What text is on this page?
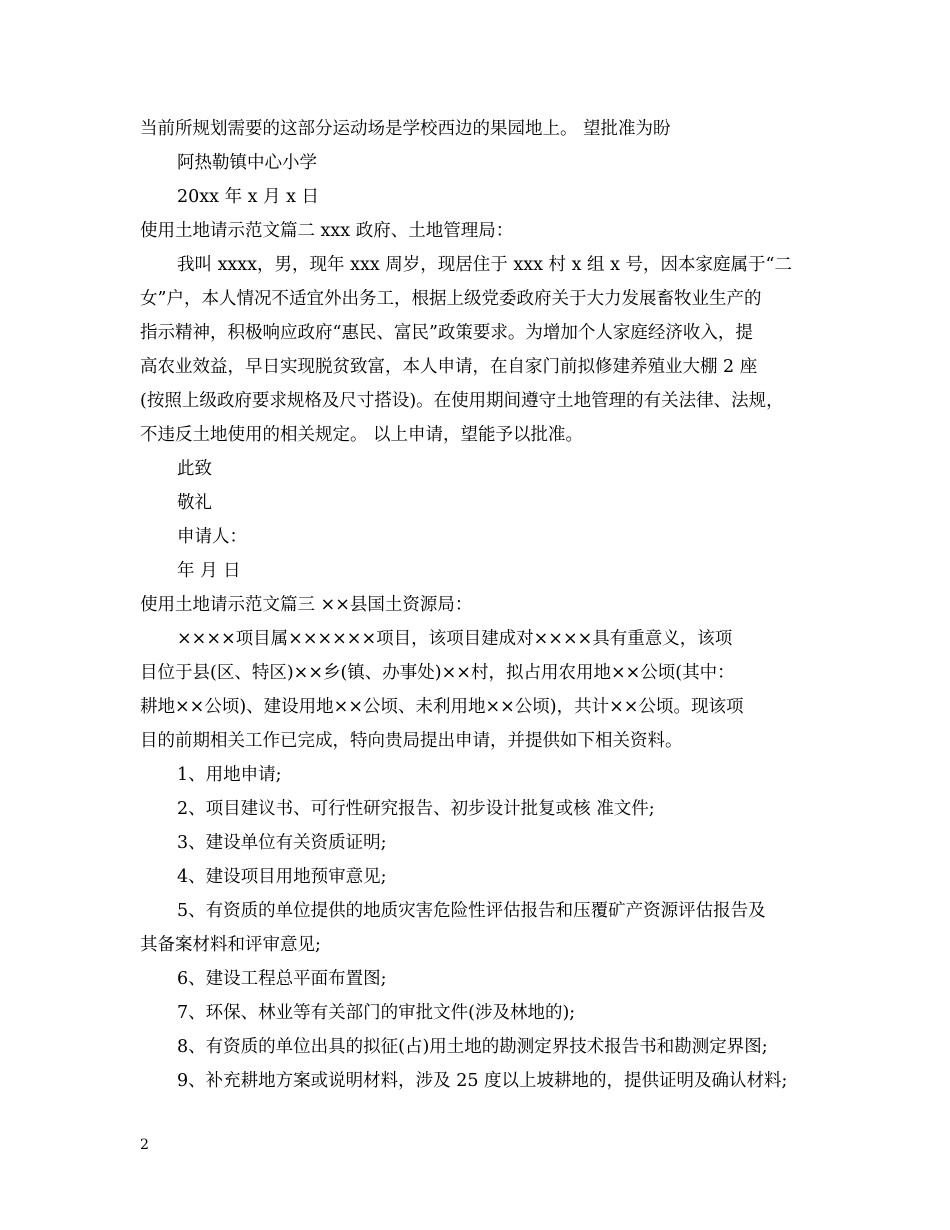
当前所规划需要的这部分运动场是学校西边的果园地上。 望批准为盼
阿热勒镇中心小学
20xx 年 x 月 x 日
使用土地请示范文篇二 xxx 政府、土地管理局：
我叫 xxxx，男，现年 xxx 周岁，现居住于 xxx 村 x 组 x 号，因本家庭属于“二
女”户，本人情况不适宜外出务工，根据上级党委政府关于大力发展畜牧业生产的
指示精神，积极响应政府“惠民、富民”政策要求。为增加个人家庭经济收入，提
高农业效益，早日实现脱贫致富，本人申请，在自家门前拟修建养殖业大棚 2 座
(按照上级政府要求规格及尺寸搭设)。在使用期间遵守土地管理的有关法律、法规，
不违反土地使用的相关规定。 以上申请，望能予以批准。
此致
敬礼
申请人：
年 月 日
使用土地请示范文篇三 ××县国土资源局：
××××项目属××××××项目，该项目建成对××××具有重意义，该项
目位于县(区、特区)××乡(镇、办事处)××村，拟占用农用地××公顷(其中：
耕地××公顷)、建设用地××公顷、未利用地××公顷)，共计××公顷。现该项
目的前期相关工作已完成，特向贵局提出申请，并提供如下相关资料。
1、用地申请;
2、项目建议书、可行性研究报告、初步设计批复或核 准文件;
3、建设单位有关资质证明;
4、建设项目用地预审意见;
5、有资质的单位提供的地质灾害危险性评估报告和压覆矿产资源评估报告及
其备案材料和评审意见;
6、建设工程总平面布置图;
7、环保、林业等有关部门的审批文件(涉及林地的);
8、有资质的单位出具的拟征(占)用土地的勘测定界技术报告书和勘测定界图;
9、补充耕地方案或说明材料，涉及 25 度以上坡耕地的，提供证明及确认材料;
2
